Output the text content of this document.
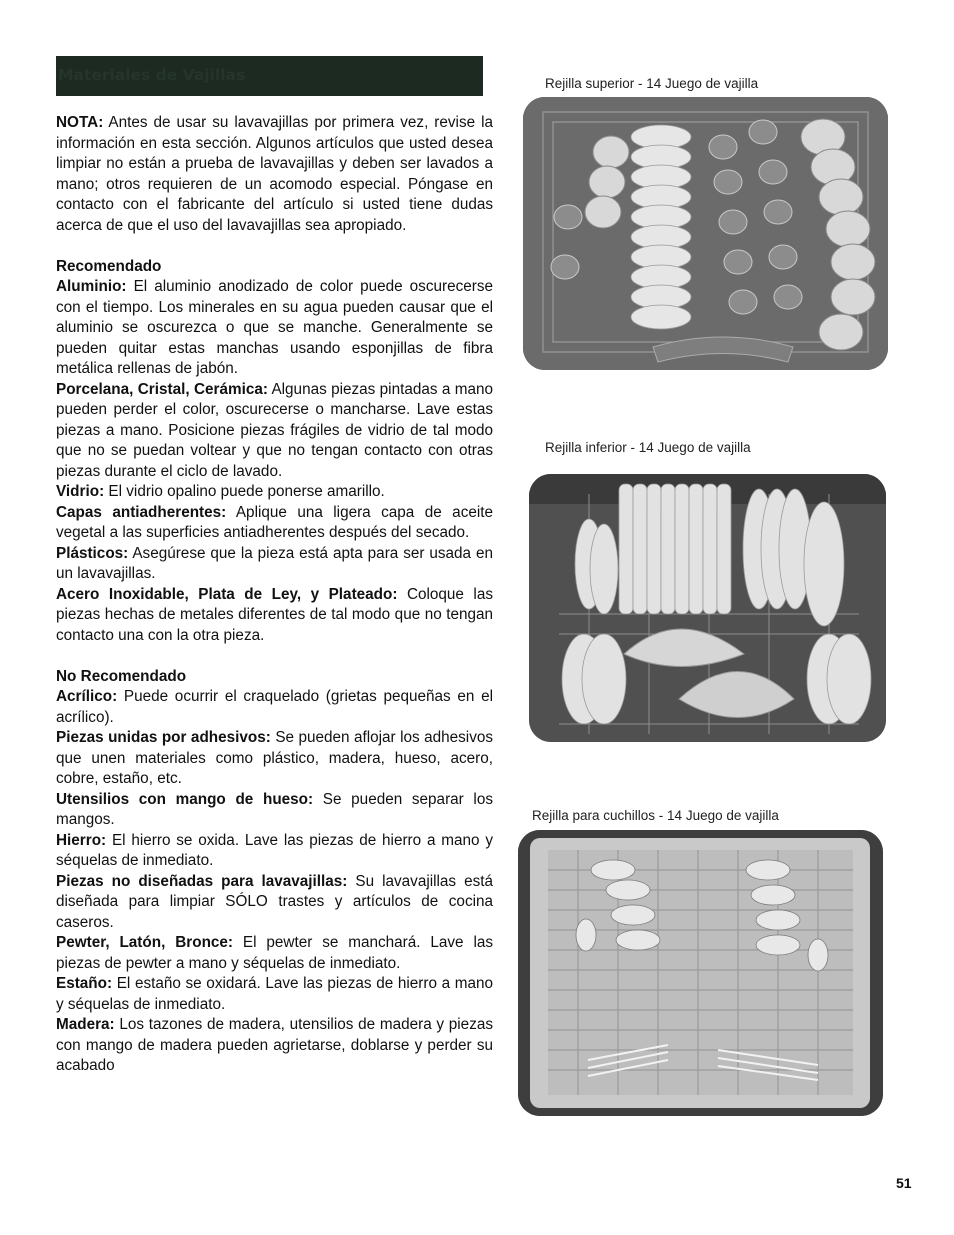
Materiales de Vajillas

NOTA: Antes de usar su lavavajillas por primera vez, revise la información en esta sección. Algunos artículos que usted desea limpiar no están a prueba de lavavajillas y deben ser lavados a mano; otros requieren de un acomodo especial. Póngase en contacto con el fabricante del artículo si usted tiene dudas acerca de que el uso del lavavajillas sea apropiado.

Recomendado

Aluminio: El aluminio anodizado de color puede oscurecerse con el tiempo. Los minerales en su agua pueden causar que el aluminio se oscurezca o que se manche. Generalmente se pueden quitar estas manchas usando esponjillas de fibra metálica rellenas de jabón.

Porcelana, Cristal, Cerámica: Algunas piezas pintadas a mano pueden perder el color, oscurecerse o mancharse. Lave estas piezas a mano. Posicione piezas frágiles de vidrio de tal modo que no se puedan voltear y que no tengan contacto con otras piezas durante el ciclo de lavado.

Vidrio: El vidrio opalino puede ponerse amarillo.

Capas antiadherentes: Aplique una ligera capa de aceite vegetal a las superficies antiadherentes después del secado.

Plásticos: Asegúrese que la pieza está apta para ser usada en un lavavajillas.

Acero Inoxidable, Plata de Ley, y Plateado: Coloque las piezas hechas de metales diferentes de tal modo que no tengan contacto una con la otra pieza.

No Recomendado

Acrílico: Puede ocurrir el craquelado (grietas pequeñas en el acrílico).

Piezas unidas por adhesivos: Se pueden aflojar los adhesivos que unen materiales como plástico, madera, hueso, acero, cobre, estaño, etc.

Utensilios con mango de hueso: Se pueden separar los mangos.

Hierro: El hierro se oxida. Lave las piezas de hierro a mano y séquelas de inmediato.

Piezas no diseñadas para lavavajillas: Su lavavajillas está diseñada para limpiar SÓLO trastes y artículos de cocina caseros.

Pewter, Latón, Bronce: El pewter se manchará. Lave las piezas de pewter a mano y séquelas de inmediato.

Estaño: El estaño se oxidará. Lave las piezas de hierro a mano y séquelas de inmediato.

Madera: Los tazones de madera, utensilios de madera y piezas con mango de madera pueden agrietarse, doblarse y perder su acabado

Rejilla superior - 14 Juego de vajilla
Rejilla inferior - 14 Juego de vajilla
Rejilla para cuchillos - 14 Juego de vajilla
51
